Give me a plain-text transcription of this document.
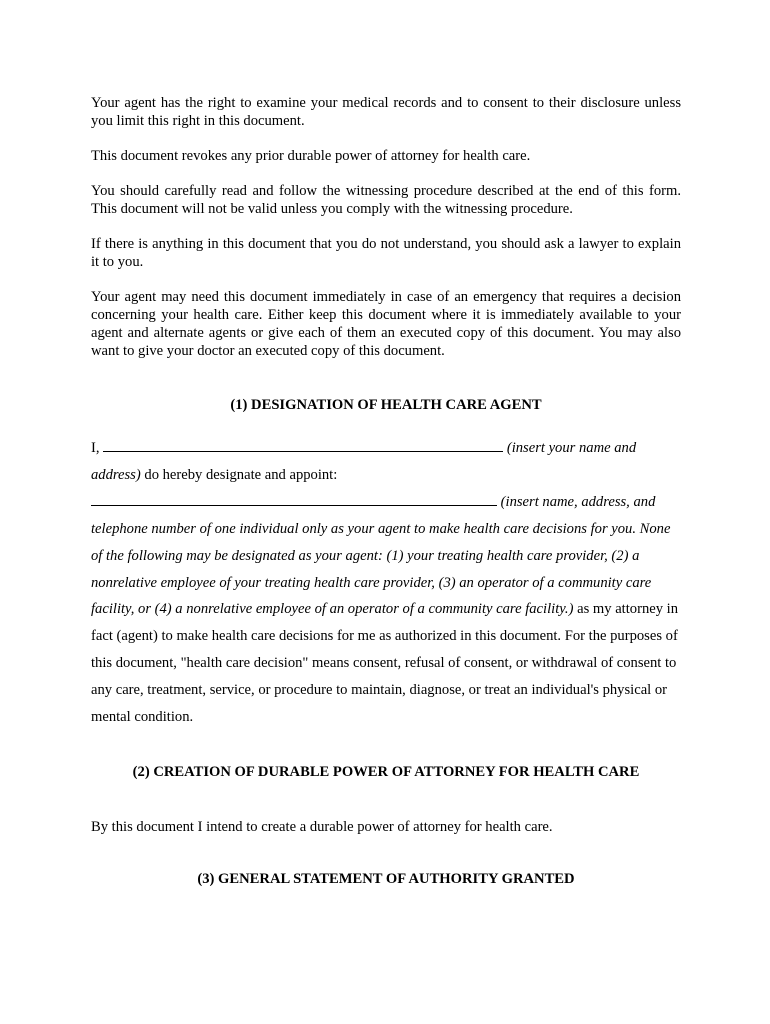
Your agent has the right to examine your medical records and to consent to their disclosure unless you limit this right in this document.

This document revokes any prior durable power of attorney for health care.

You should carefully read and follow the witnessing procedure described at the end of this form. This document will not be valid unless you comply with the witnessing procedure.

If there is anything in this document that you do not understand, you should ask a lawyer to explain it to you.

Your agent may need this document immediately in case of an emergency that requires a decision concerning your health care. Either keep this document where it is immediately available to your agent and alternate agents or give each of them an executed copy of this document. You may also want to give your doctor an executed copy of this document.

(1) DESIGNATION OF HEALTH CARE AGENT

I,	(insert your name and address) do hereby designate and appoint:
(insert name, address, and telephone number of one individual only as your agent to make health care decisions for you. None of the following may be designated as your agent: (1) your treating health care provider, (2) a nonrelative employee of your treating health care provider, (3) an operator of a community care facility, or (4) a nonrelative employee of an operator of a community care facility.) as my attorney in fact (agent) to make health care decisions for me as authorized in this document. For the purposes of this document, "health care decision" means consent, refusal of consent, or withdrawal of consent to any care, treatment, service, or procedure to maintain, diagnose, or treat an individual's physical or mental condition.

(2) CREATION OF DURABLE POWER OF ATTORNEY FOR HEALTH CARE

By this document I intend to create a durable power of attorney for health care.

(3) GENERAL STATEMENT OF AUTHORITY GRANTED
